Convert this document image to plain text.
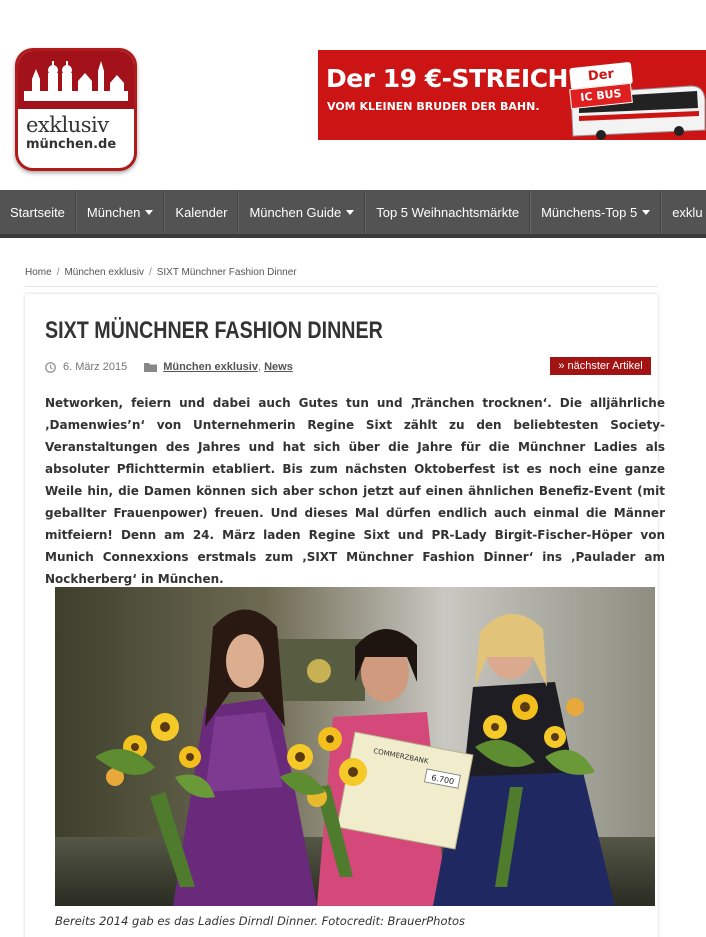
exklusiv
münchen.de
Der 19 €-STREICH
VOM KLEINEN BRUDER DER BAHN.
Der
IC BUS
Startseite München	Kalender München Guide	Top 5 Weihnachtsmärkte Münchens-Top 5	exklu
Home / München exklusiv / SIXT Münchner Fashion Dinner
SIXT MÜNCHNER FASHION DINNER
6. März 2015	München exklusiv ,
News	» nächster Artikel
Networken, feiern und dabei auch Gutes tun und ‚Tränchen trocknen‘. Die alljährliche ‚Damenwies’n‘ von Unternehmerin Regine Sixt zählt zu den beliebtesten Society-Veranstaltungen des Jahres und hat sich über die Jahre für die Münchner Ladies als absoluter Pflichttermin etabliert. Bis zum nächsten Oktoberfest ist es noch eine ganze Weile hin, die Damen können sich aber schon jetzt auf einen ähnlichen Benefiz-Event (mit geballter Frauenpower) freuen. Und dieses Mal dürfen endlich auch einmal die Männer mitfeiern! Denn am 24. März laden Regine Sixt und PR-Lady Birgit-Fischer-Höper von Munich Connexxions erstmals zum ‚SIXT Münchner Fashion Dinner‘ ins ‚Paulader am Nockherberg‘ in München.
COMMERZBANK
6.700
Bereits 2014 gab es das Ladies Dirndl Dinner. Fotocredit: BrauerPhotos
